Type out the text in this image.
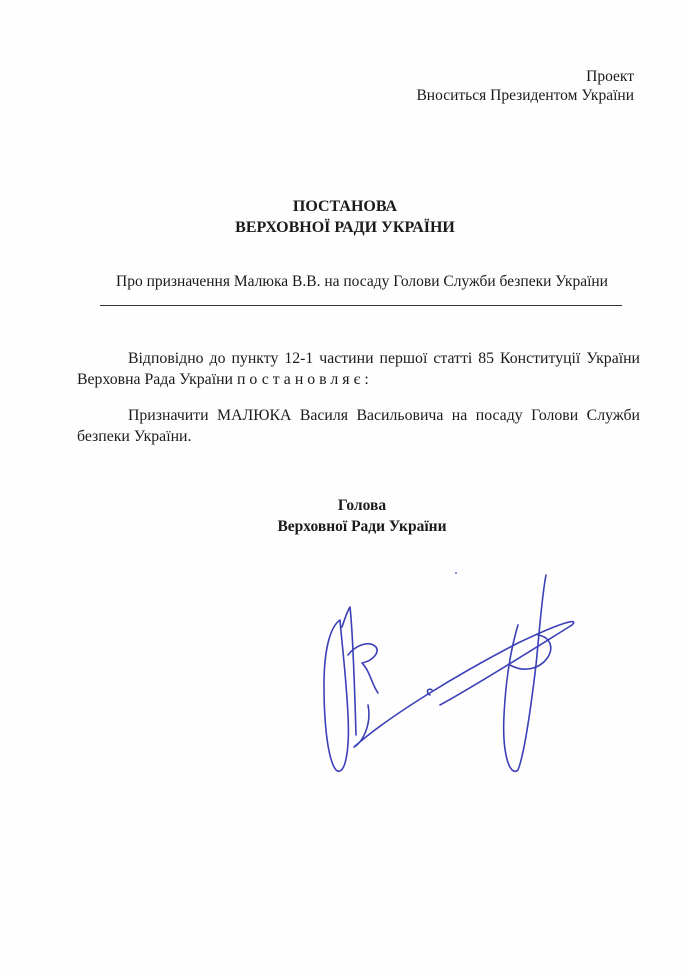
Проект
Вноситься Президентом України
ПОСТАНОВА
ВЕРХОВНОЇ РАДИ УКРАЇНИ
Про призначення Малюка В.В. на посаду Голови Служби безпеки України
Відповідно до пункту 12-1 частини першої статті 85 Конституції України Верховна Рада України постановляє:
Призначити МАЛЮКА Василя Васильовича на посаду Голови Служби безпеки України.
Голова
Верховної Ради України
